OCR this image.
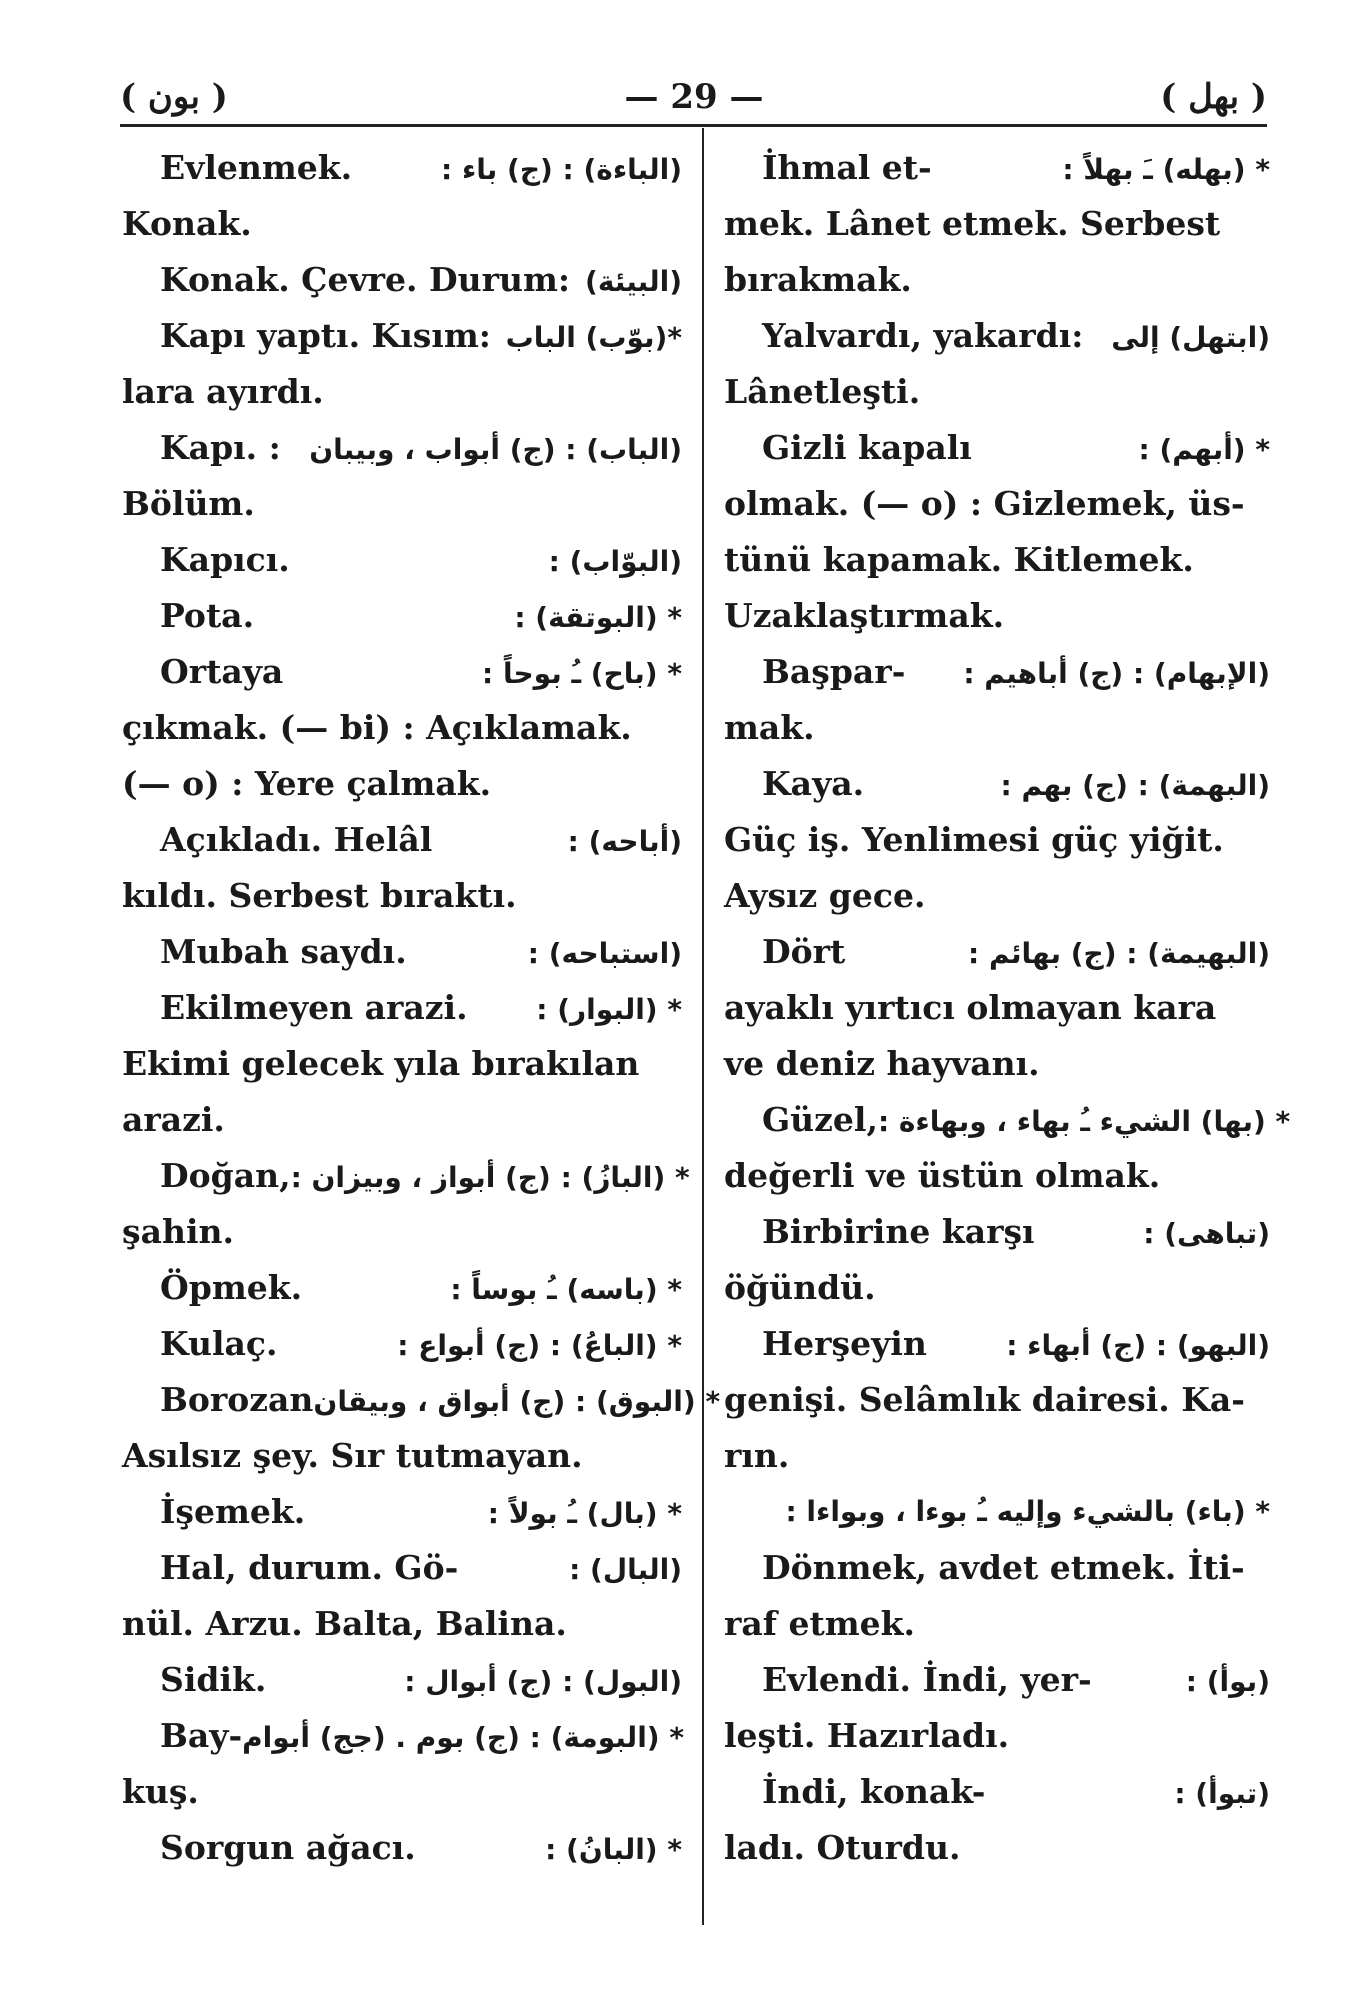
( بون )	— 29 —	( بهل )
Evlenmek.	(الباءة) : (ج) باء :
Konak.
Konak. Çevre. Durum: (البيئة)
Kapı yaptı. Kısım: *(بوّب) الباب
lara ayırdı.
Kapı. : (الباب) : (ج) أبواب ، وبيبان
Bölüm.
Kapıcı.	(البوّاب) :
Pota.	* (البوتقة) :
Ortaya	* (باح) ـُ بوحاً :
çıkmak. (— bi) : Açıklamak.
(— o) : Yere çalmak.
Açıkladı. Helâl	(أباحه) :
kıldı. Serbest bıraktı.
Mubah saydı.	(استباحه) :
Ekilmeyen arazi. * (البوار) :
Ekimi gelecek yıla bırakılan
arazi.
Doğan, * (البازُ) : (ج) أبواز ، وبيزان :
şahin.
Öpmek.	* (باسه) ـُ بوساً :
Kulaç.	* (الباعُ) : (ج) أبواع :
Borozan * (البوق) : (ج) أبواق ، وبيقان
Asılsız şey. Sır tutmayan.
İşemek.	* (بال) ـُ بولاً :
Hal, durum. Gö-	(البال) :
nül. Arzu. Balta, Balina.
Sidik.	(البول) : (ج) أبوال :
Bay- * (البومة) : (ج) بوم . (جج) أبوام
kuş.
Sorgun ağacı.	* (البانُ) :
İhmal et-	* (بهله) ـَ بهلاً :
mek. Lânet etmek. Serbest
bırakmak.
Yalvardı, yakardı: (ابتهل) إلى
Lânetleşti.
Gizli kapalı	* (أبهم) :
olmak. (— o) : Gizlemek, üs-
tünü kapamak. Kitlemek.
Uzaklaştırmak.
Başpar- (الإبهام) : (ج) أباهيم :
mak.
Kaya.	(البهمة) : (ج) بهم :
Güç iş. Yenlimesi güç yiğit.
Aysız gece.
Dört	(البهيمة) : (ج) بهائم :
ayaklı yırtıcı olmayan kara
ve deniz hayvanı.
Güzel, * (بها) الشيء ـُ بهاء ، وبهاءة :
değerli ve üstün olmak.
Birbirine karşı	(تباهى) :
öğündü.
Herşeyin	(البهو) : (ج) أبهاء :
genişi. Selâmlık dairesi. Ka-
rın.
* (باء) بالشيء وإليه ـُ بوءا ، وبواءا :
Dönmek, avdet etmek. İti-
raf etmek.
Evlendi. İndi, yer-	(بوأ) :
leşti. Hazırladı.
İndi, konak-	(تبوأ) :
ladı. Oturdu.
